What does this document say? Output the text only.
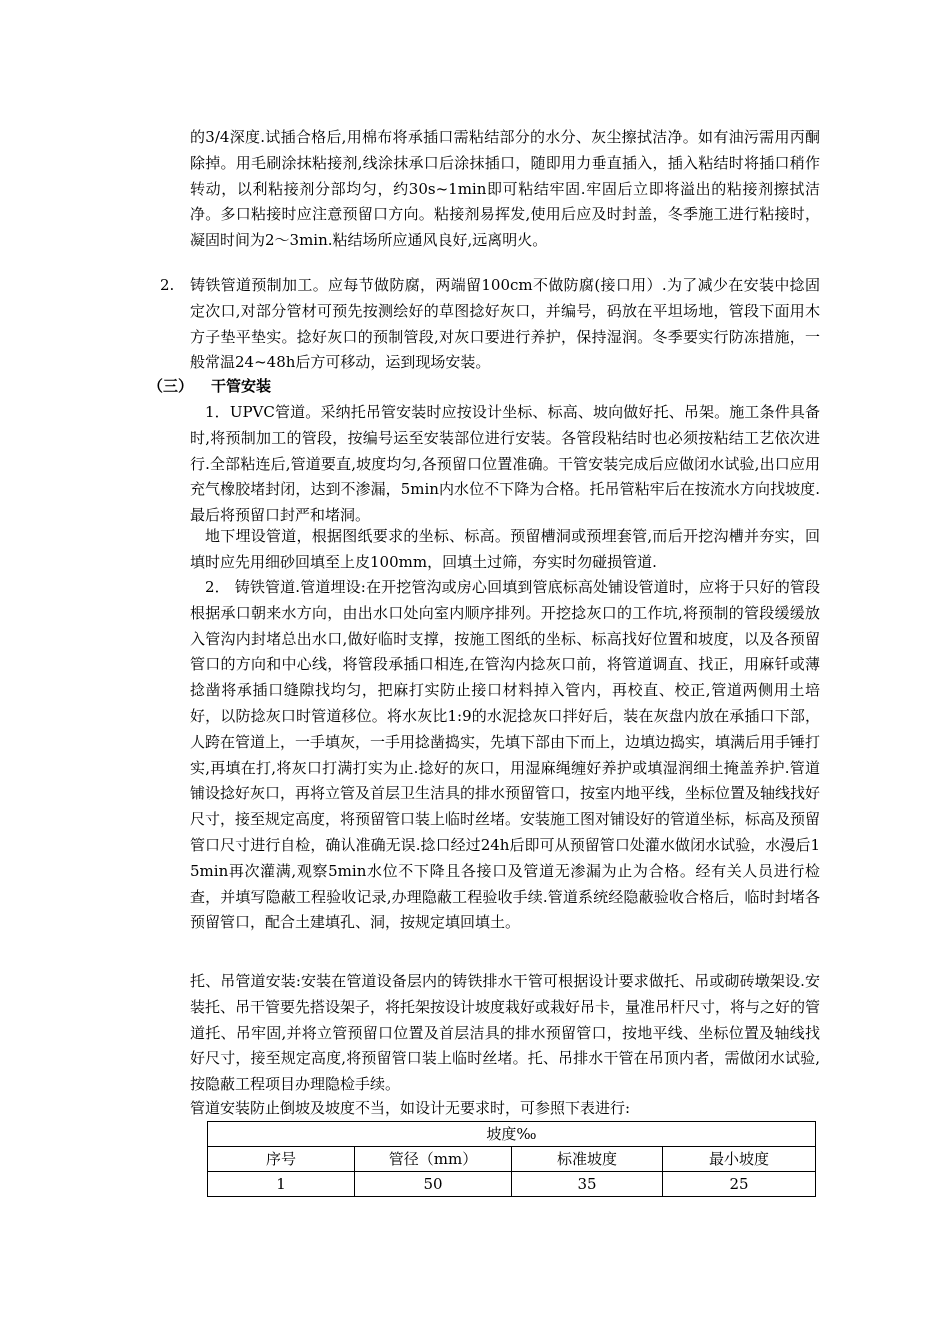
的3/4深度.试插合格后,用棉布将承插口需粘结部分的水分、灰尘擦拭洁净。如有油污需用丙酮除掉。用毛刷涂抹粘接剂,线涂抹承口后涂抹插口，随即用力垂直插入，插入粘结时将插口稍作转动，以利粘接剂分部均匀，约30s~1min即可粘结牢固.牢固后立即将溢出的粘接剂擦拭洁净。多口粘接时应注意预留口方向。粘接剂易挥发,使用后应及时封盖，冬季施工进行粘接时，凝固时间为2～3min.粘结场所应通风良好,远离明火。
2. 铸铁管道预制加工。应每节做防腐，两端留100cm不做防腐(接口用）.为了减少在安装中捻固定次口,对部分管材可预先按测绘好的草图捻好灰口，并编号，码放在平坦场地，管段下面用木方子垫平垫实。捻好灰口的预制管段,对灰口要进行养护，保持湿润。冬季要实行防冻措施，一般常温24~48h后方可移动，运到现场安装。
（三） 干管安装
1．UPVC管道。采纳托吊管安装时应按设计坐标、标高、坡向做好托、吊架。施工条件具备时,将预制加工的管段，按编号运至安装部位进行安装。各管段粘结时也必须按粘结工艺依次进行.全部粘连后,管道要直,坡度均匀,各预留口位置准确。干管安装完成后应做闭水试验,出口应用充气橡胶堵封闭，达到不渗漏，5min内水位不下降为合格。托吊管粘牢后在按流水方向找坡度.最后将预留口封严和堵洞。
地下埋设管道，根据图纸要求的坐标、标高。预留槽洞或预埋套管,而后开挖沟槽并夯实，回填时应先用细砂回填至上皮100mm，回填土过筛，夯实时勿碰损管道.
2． 铸铁管道.管道埋设:在开挖管沟或房心回填到管底标高处铺设管道时，应将于只好的管段根据承口朝来水方向，由出水口处向室内顺序排列。开挖捻灰口的工作坑,将预制的管段缓缓放入管沟内封堵总出水口,做好临时支撑，按施工图纸的坐标、标高找好位置和坡度，以及各预留管口的方向和中心线，将管段承插口相连,在管沟内捻灰口前，将管道调直、找正，用麻钎或薄捻凿将承插口缝隙找均匀，把麻打实防止接口材料掉入管内，再校直、校正,管道两侧用土培好，以防捻灰口时管道移位。将水灰比1:9的水泥捻灰口拌好后，装在灰盘内放在承插口下部，人跨在管道上，一手填灰，一手用捻凿捣实，先填下部由下而上，边填边捣实，填满后用手锤打实,再填在打,将灰口打满打实为止.捻好的灰口，用湿麻绳缠好养护或填湿润细土掩盖养护.管道铺设捻好灰口，再将立管及首层卫生洁具的排水预留管口，按室内地平线，坐标位置及轴线找好尺寸，接至规定高度，将预留管口装上临时丝堵。安装施工图对铺设好的管道坐标，标高及预留管口尺寸进行自检，确认准确无误.捻口经过24h后即可从预留管口处灌水做闭水试验，水漫后15min再次灌满,观察5min水位不下降且各接口及管道无渗漏为止为合格。经有关人员进行检查，并填写隐蔽工程验收记录,办理隐蔽工程验收手续.管道系统经隐蔽验收合格后，临时封堵各预留管口，配合土建填孔、洞，按规定填回填土。
托、吊管道安装:安装在管道设备层内的铸铁排水干管可根据设计要求做托、吊或砌砖墩架设.安装托、吊干管要先搭设架子，将托架按设计坡度栽好或栽好吊卡，量准吊杆尺寸，将与之好的管道托、吊牢固,并将立管预留口位置及首层洁具的排水预留管口，按地平线、坐标位置及轴线找好尺寸，接至规定高度,将预留管口装上临时丝堵。托、吊排水干管在吊顶内者，需做闭水试验,按隐蔽工程项目办理隐检手续。
管道安装防止倒坡及坡度不当，如设计无要求时，可参照下表进行:
坡度‰			
序号	管径（mm）	标准坡度	最小坡度
1	50	35	25
